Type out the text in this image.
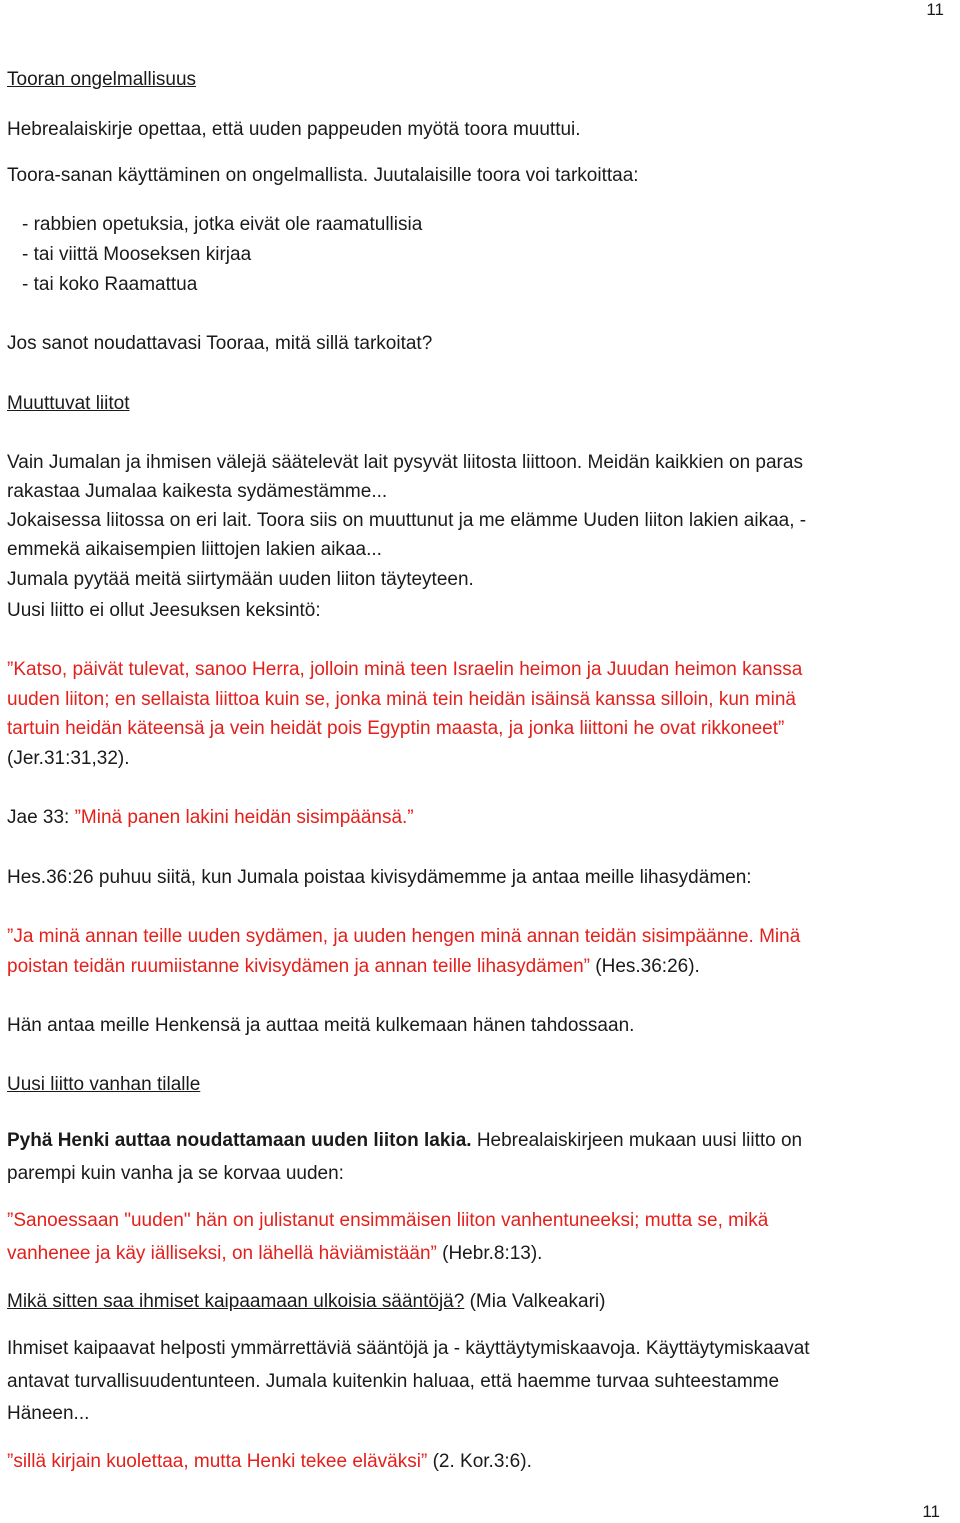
11
Tooran ongelmallisuus
Hebrealaiskirje opettaa, että uuden pappeuden myötä toora muuttui.
Toora-sanan käyttäminen on ongelmallista. Juutalaisille toora voi tarkoittaa:
- rabbien opetuksia, jotka eivät ole raamatullisia
- tai viittä Mooseksen kirjaa
- tai koko Raamattua
Jos sanot noudattavasi Tooraa, mitä sillä tarkoitat?
Muuttuvat liitot
Vain Jumalan ja ihmisen välejä säätelevät lait pysyvät liitosta liittoon. Meidän kaikkien on paras
rakastaa Jumalaa kaikesta sydämestämme...
Jokaisessa liitossa on eri lait. Toora siis on muuttunut ja me elämme Uuden liiton lakien aikaa, -
emmekä aikaisempien liittojen lakien aikaa...
Jumala pyytää meitä siirtymään uuden liiton täyteyteen.
Uusi liitto ei ollut Jeesuksen keksintö:
”Katso, päivät tulevat, sanoo Herra, jolloin minä teen Israelin heimon ja Juudan heimon kanssa
uuden liiton; en sellaista liittoa kuin se, jonka minä tein heidän isäinsä kanssa silloin, kun minä
tartuin heidän käteensä ja vein heidät pois Egyptin maasta, ja jonka liittoni he ovat rikkoneet”
(Jer.31:31,32).
Jae 33: ”Minä panen lakini heidän sisimpäänsä.”
Hes.36:26 puhuu siitä, kun Jumala poistaa kivisydämemme ja antaa meille lihasydämen:
”Ja minä annan teille uuden sydämen, ja uuden hengen minä annan teidän sisimpäänne. Minä
poistan teidän ruumiistanne kivisydämen ja annan teille lihasydämen” (Hes.36:26).
Hän antaa meille Henkensä ja auttaa meitä kulkemaan hänen tahdossaan.
Uusi liitto vanhan tilalle
Pyhä Henki auttaa noudattamaan uuden liiton lakia. Hebrealaiskirjeen mukaan uusi liitto on
parempi kuin vanha ja se korvaa uuden:
”Sanoessaan "uuden" hän on julistanut ensimmäisen liiton vanhentuneeksi; mutta se, mikä
vanhenee ja käy iälliseksi, on lähellä häviämistään” (Hebr.8:13).
Mikä sitten saa ihmiset kaipaamaan ulkoisia sääntöjä? (Mia Valkeakari)
Ihmiset kaipaavat helposti ymmärrettäviä sääntöjä ja - käyttäytymiskaavoja. Käyttäytymiskaavat
antavat turvallisuudentunteen. Jumala kuitenkin haluaa, että haemme turvaa suhteestamme
Häneen...
”sillä kirjain kuolettaa, mutta Henki tekee eläväksi” (2. Kor.3:6).
11
